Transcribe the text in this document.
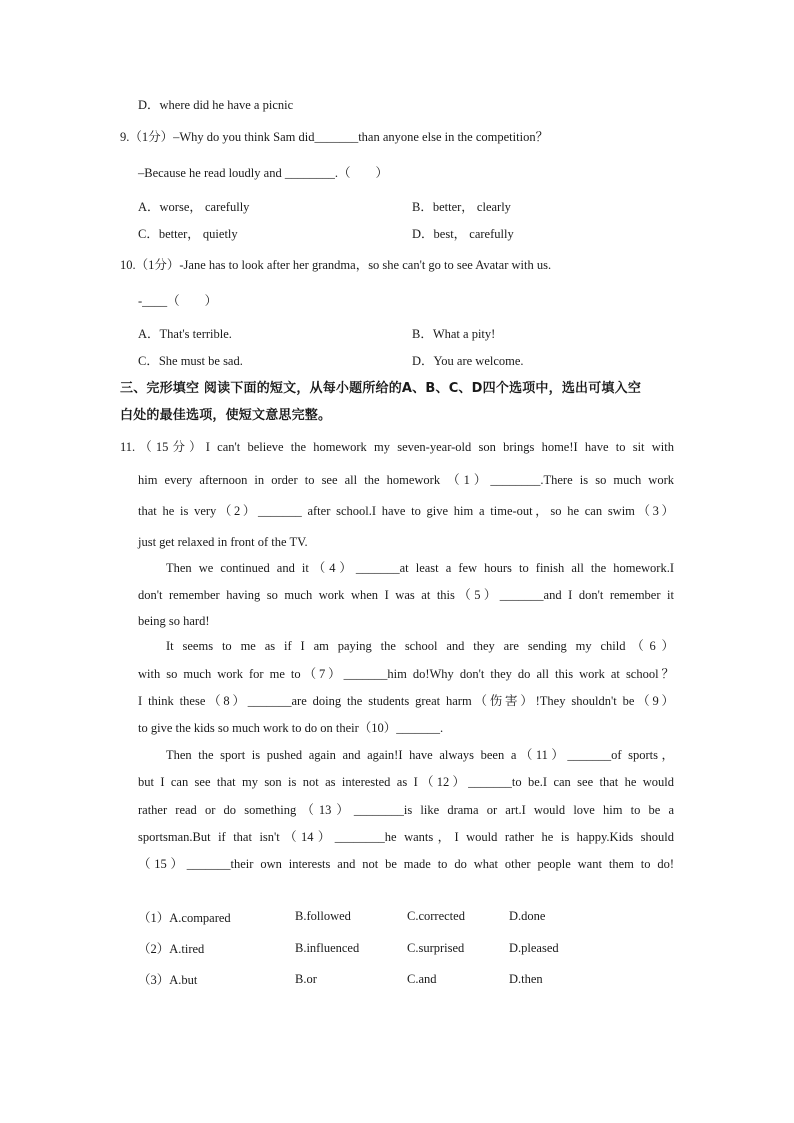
D．where did he have a picnic
9.（1分）–Why do you think Sam did_______than anyone else in the competition？
–Because he read loudly and ________.（　　）
A．worse， carefully	B．better， clearly
C．better， quietly	D．best， carefully
10.（1分）-Jane has to look after her grandma，so she can't go to see Avatar with us.
-____（　　）
A．That's terrible.	B．What a pity!
C．She must be sad.	D．You are welcome.
三、完形填空 阅读下面的短文，从每小题所给的A、B、C、D四个选项中，选出可填入空
白处的最佳选项，使短文意思完整。
11.（15分）I can't believe the homework my seven-year-old son brings home!I have to sit with
him every afternoon in order to see all the homework （1）________.There is so much work
that he is very（2）_______ after school.I have to give him a time-out，so he can swim（3）
just get relaxed in front of the TV.
Then we continued and it（4）_______at least a few hours to finish all the homework.I
don't remember having so much work when I was at this（5）_______and I don't remember it
being so hard!
It seems to me as if I am paying the school and they are sending my child（6）
with so much work for me to（7）_______him do!Why don't they do all this work at school？
I think these（8）_______are doing the students great harm（伤害）!They shouldn't be（9）
to give the kids so much work to do on their（10）_______.
Then the sport is pushed again and again!I have always been a（11）_______of sports，
but I can see that my son is not as interested as I（12）_______to be.I can see that he would
rather read or do something（13）________is like drama or art.I would love him to be a
sportsman.But if that isn't（14）________he wants，I would rather he is happy.Kids should
（15）_______their own interests and not be made to do what other people want them to do!
（1）A.compared	B.followed	C.corrected	D.done
（2）A.tired	B.influenced	C.surprised	D.pleased
（3）A.but	B.or	C.and	D.then
